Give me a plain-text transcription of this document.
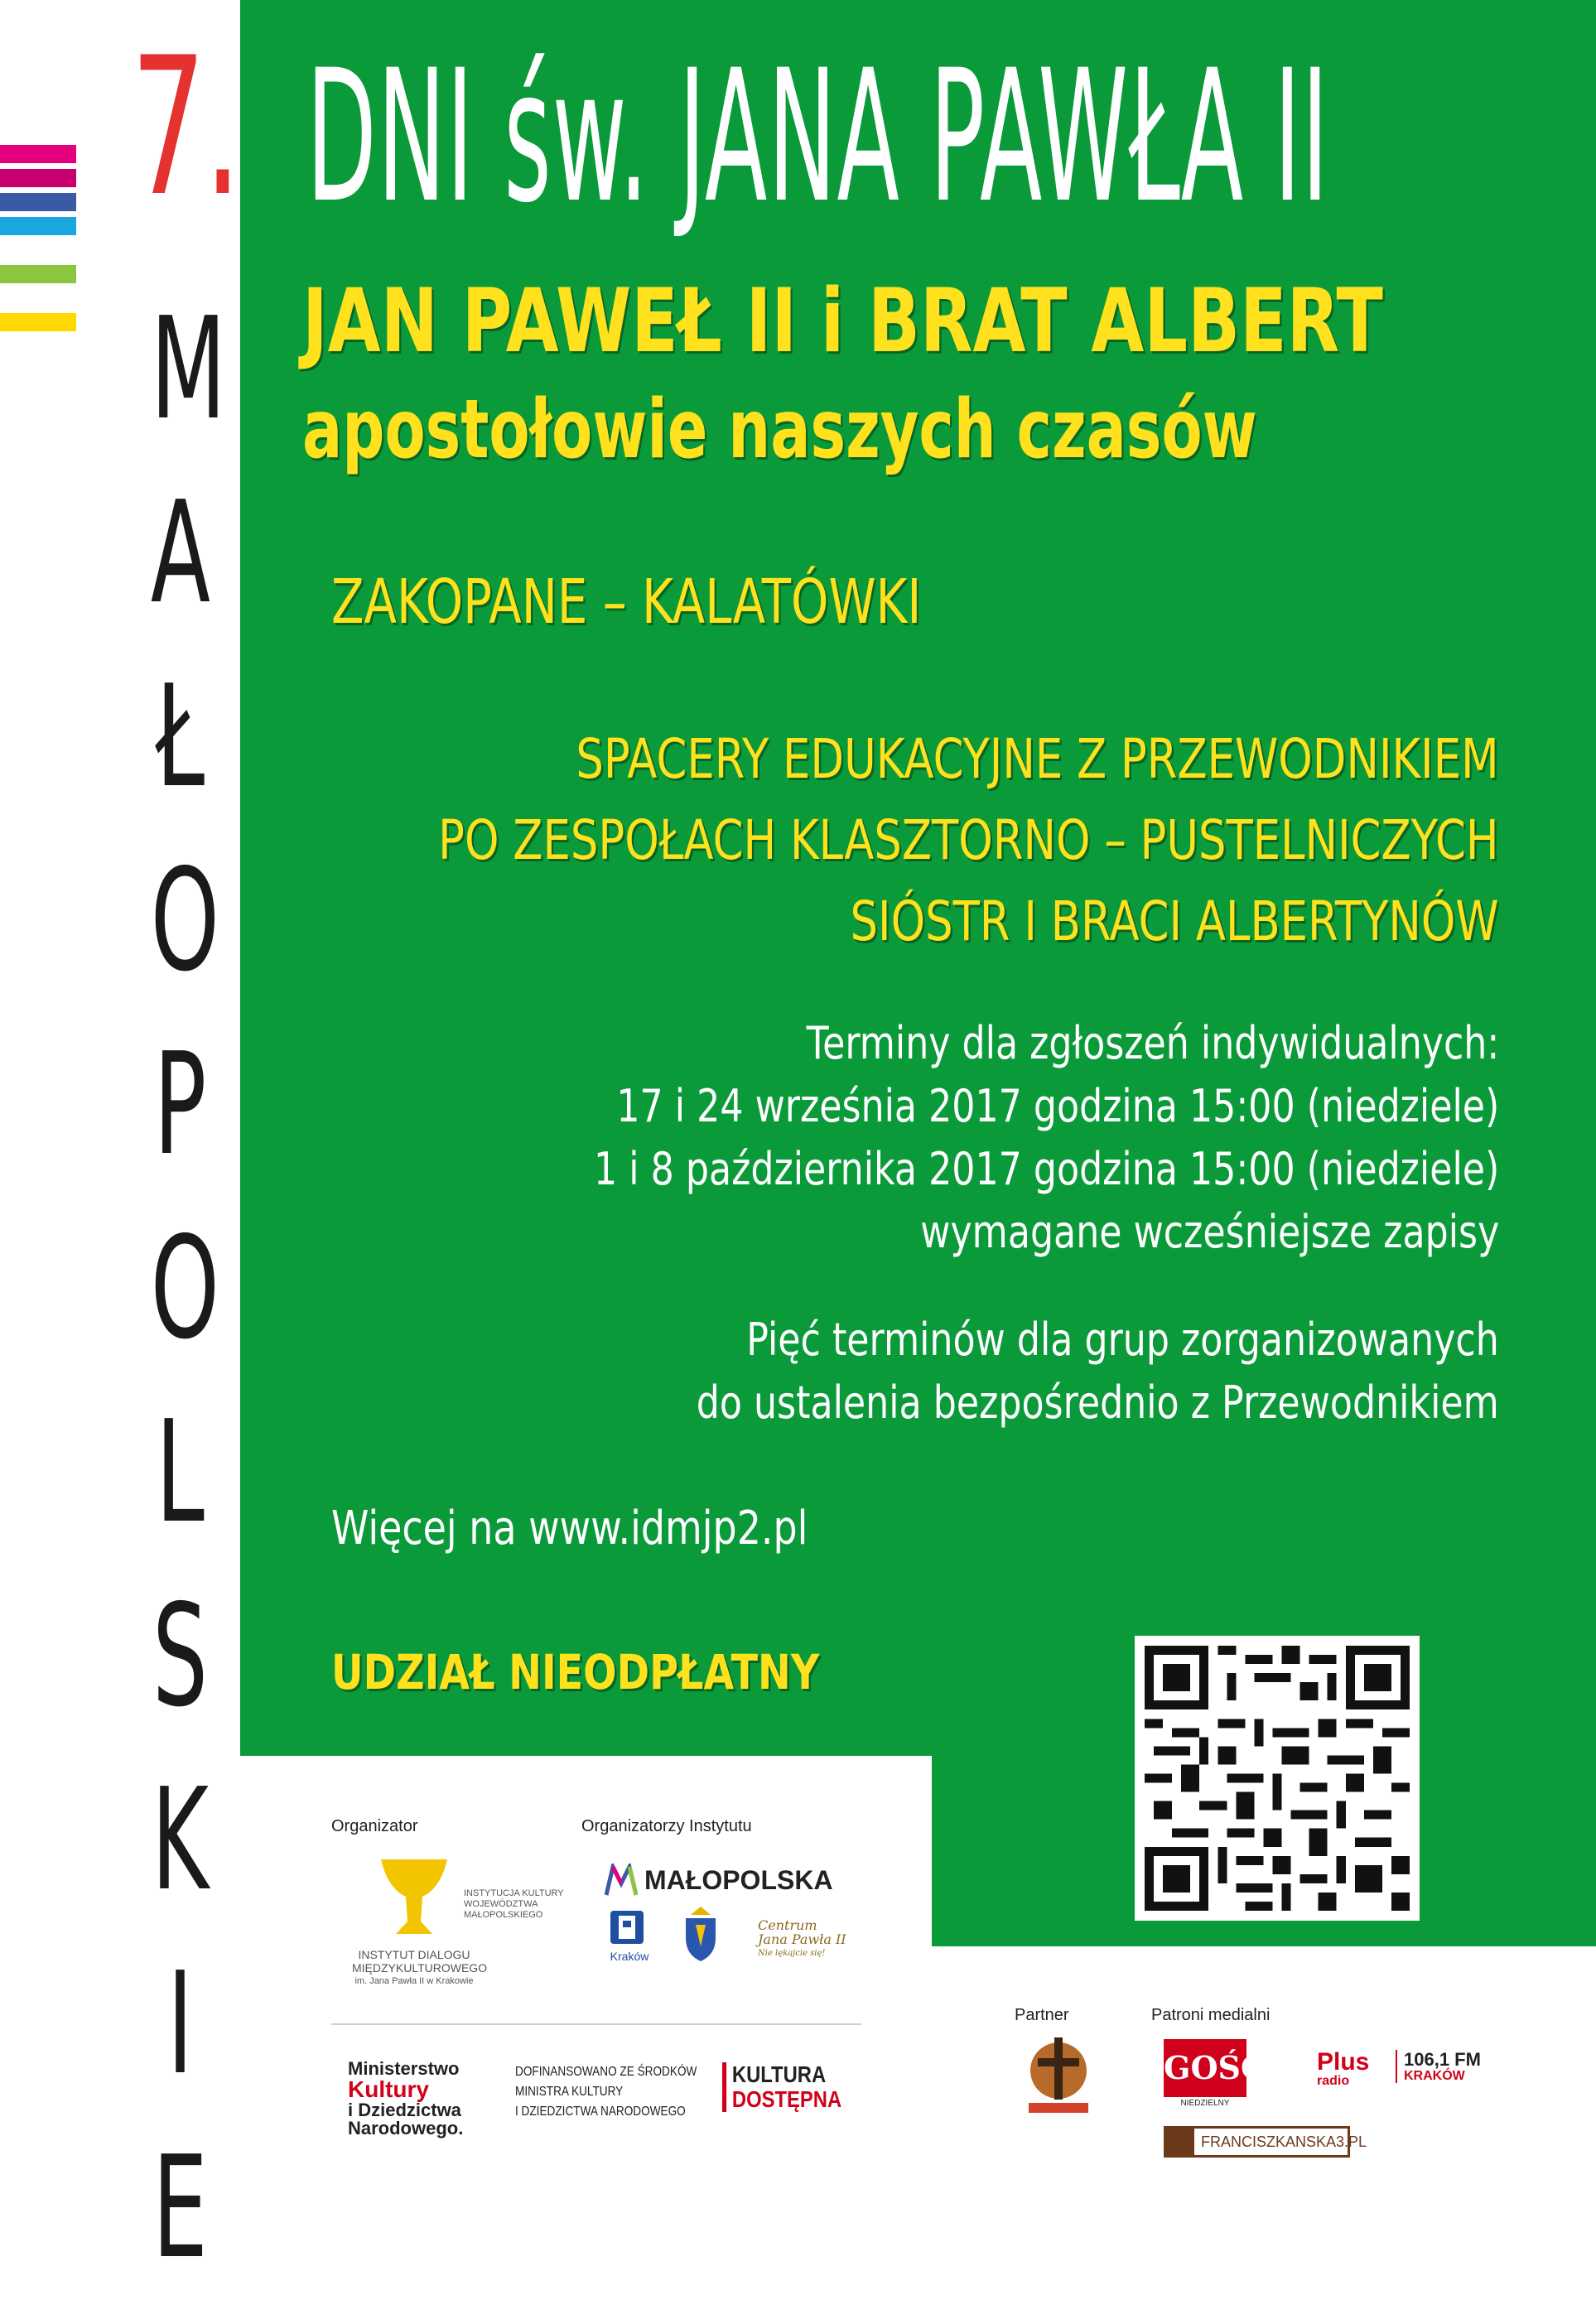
7.
M
A
Ł
O
P
O
L
S
K
I
E
DNI św. JANA PAWŁA II
JAN PAWEŁ II i BRAT ALBERT
apostołowie naszych czasów
ZAKOPANE – KALATÓWKI
SPACERY EDUKACYJNE Z PRZEWODNIKIEM
PO ZESPOŁACH KLASZTORNO – PUSTELNICZYCH
SIÓSTR I BRACI ALBERTYNÓW
Terminy dla zgłoszeń indywidualnych:
17 i 24 września 2017 godzina 15:00 (niedziele)
1 i 8 października 2017 godzina 15:00 (niedziele)
wymagane wcześniejsze zapisy
Pięć terminów dla grup zorganizowanych
do ustalenia bezpośrednio z Przewodnikiem
Więcej na www.idmjp2.pl
UDZIAŁ NIEODPŁATNY
Organizator	Organizatorzy Instytutu
INSTYTUT DIALOGU
MIĘDZYKULTUROWEGO
im. Jana Pawła II w Krakowie
INSTYTUCJA KULTURY
WOJEWÓDZTWA
MAŁOPOLSKIEGO
MAŁOPOLSKA
Kraków
Centrum
Jana Pawła II
Nie lękajcie się!
Ministerstwo
Kultury
i Dziedzictwa
Narodowego.
DOFINANSOWANO ZE ŚRODKÓW
MINISTRA KULTURY
I DZIEDZICTWA NARODOWEGO
KULTURA
DOSTĘPNA
Partner	Patroni medialni
GOŚĆ
NIEDZIELNY
Plus
radio
106,1 FM
KRAKÓW
FRANCISZKANSKA3.PL
